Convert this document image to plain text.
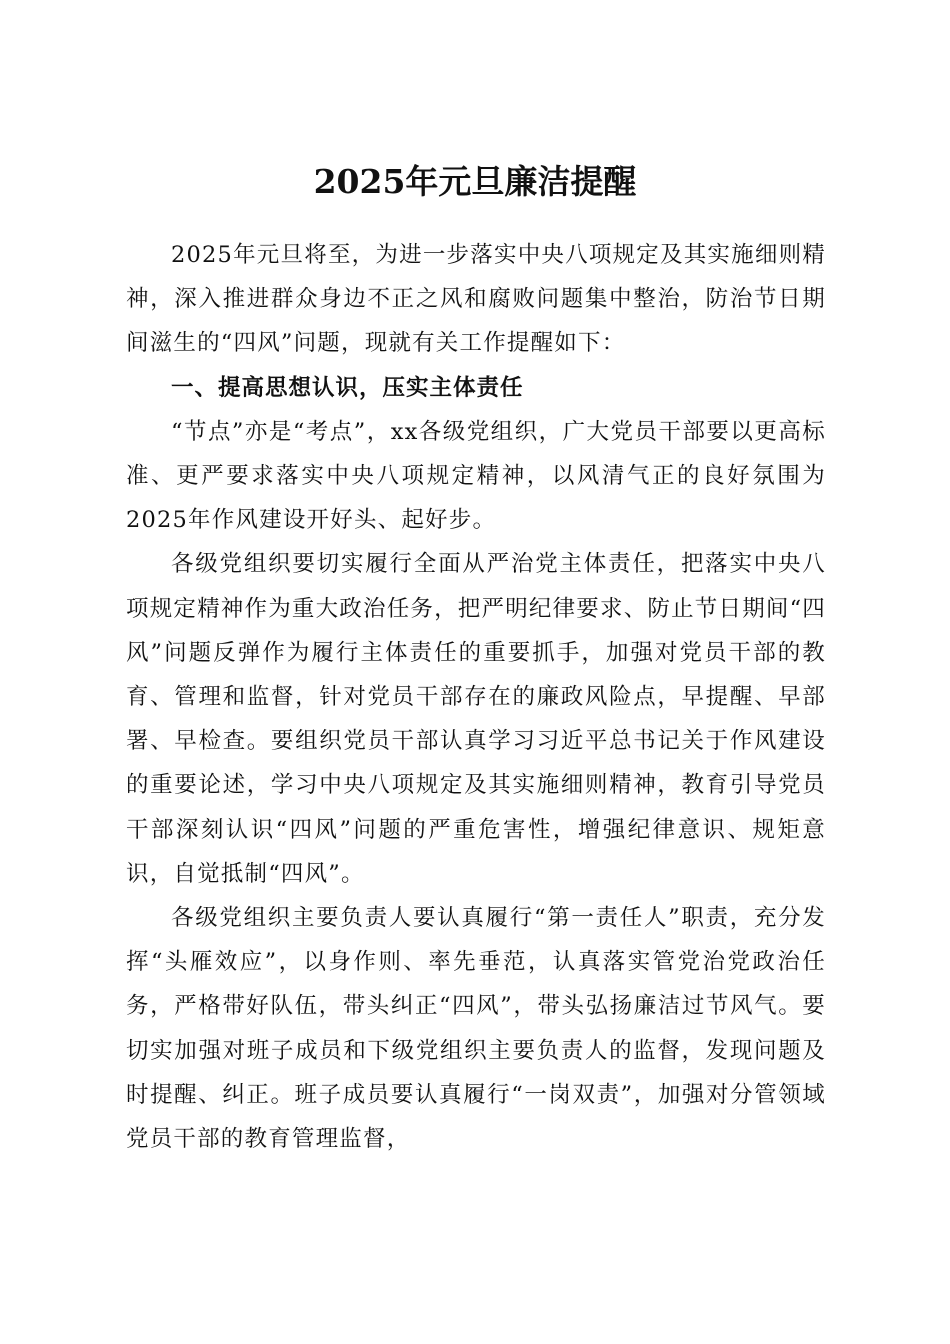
2025年元旦廉洁提醒

2025年元旦将至，为进一步落实中央八项规定及其实施细则精神，深入推进群众身边不正之风和腐败问题集中整治，防治节日期间滋生的“四风”问题，现就有关工作提醒如下：

一、提高思想认识，压实主体责任

“节点”亦是“考点”，xx各级党组织，广大党员干部要以更高标准、更严要求落实中央八项规定精神，以风清气正的良好氛围为2025年作风建设开好头、起好步。

各级党组织要切实履行全面从严治党主体责任，把落实中央八项规定精神作为重大政治任务，把严明纪律要求、防止节日期间“四风”问题反弹作为履行主体责任的重要抓手，加强对党员干部的教育、管理和监督，针对党员干部存在的廉政风险点，早提醒、早部署、早检查。要组织党员干部认真学习习近平总书记关于作风建设的重要论述，学习中央八项规定及其实施细则精神，教育引导党员干部深刻认识“四风”问题的严重危害性，增强纪律意识、规矩意识，自觉抵制“四风”。

各级党组织主要负责人要认真履行“第一责任人”职责，充分发挥“头雁效应”，以身作则、率先垂范，认真落实管党治党政治任务，严格带好队伍，带头纠正“四风”，带头弘扬廉洁过节风气。要切实加强对班子成员和下级党组织主要负责人的监督，发现问题及时提醒、纠正。班子成员要认真履行“一岗双责”，加强对分管领域党员干部的教育管理监督，
